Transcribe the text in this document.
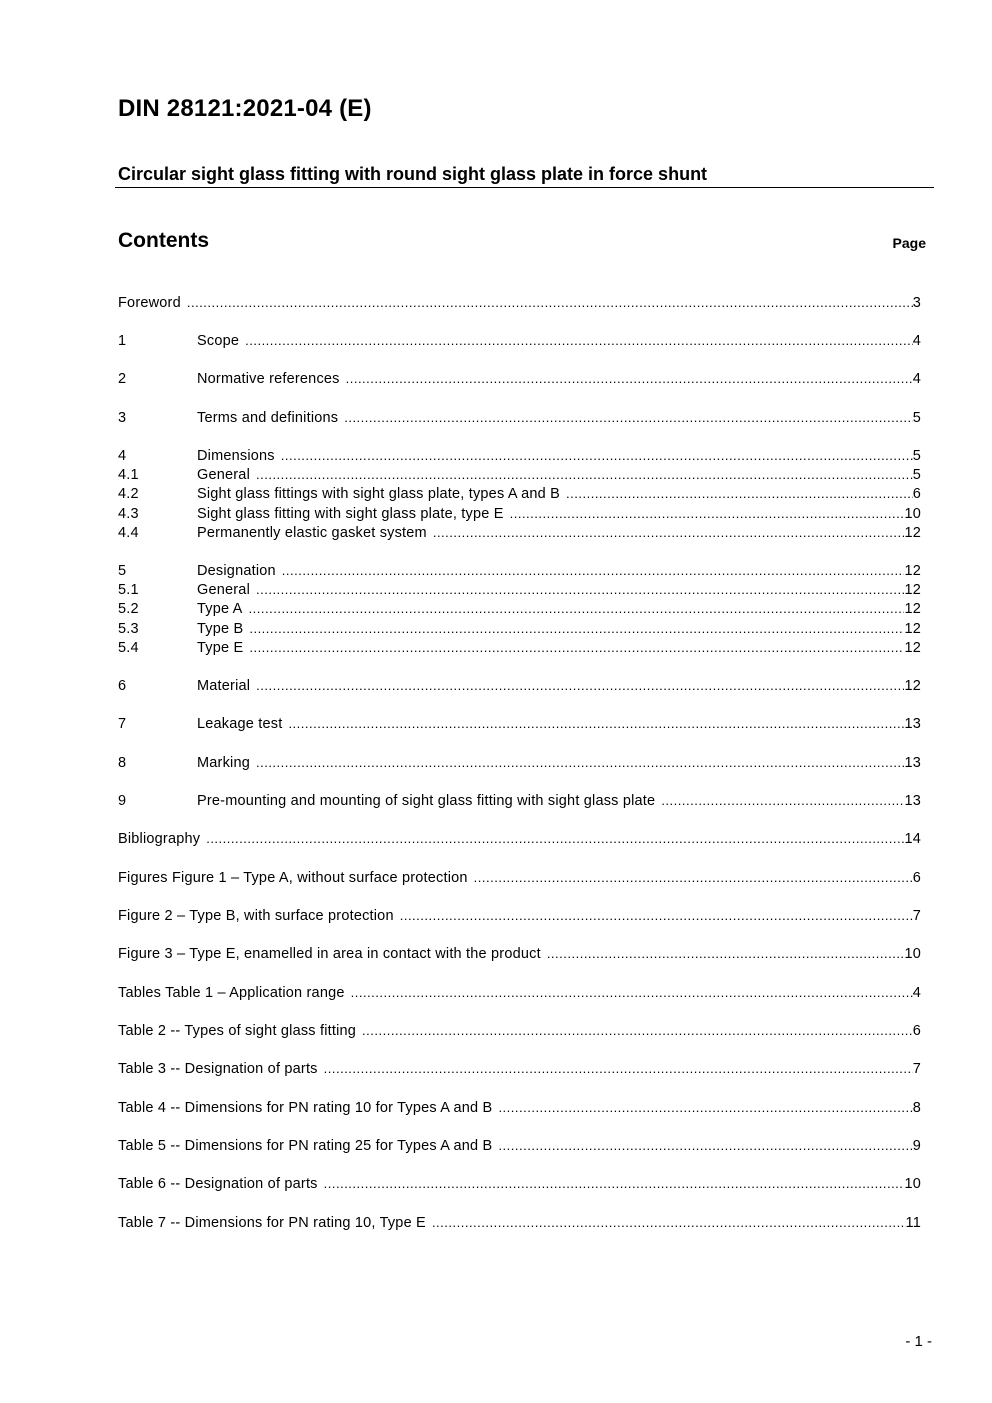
DIN 28121:2021-04 (E)
Circular sight glass fitting with round sight glass plate in force shunt
Contents	Page
Foreword .....	3
1	Scope .....	4
2	Normative references .....	4
3	Terms and definitions .....	5
4	Dimensions .....	5
4.1	General .....	5
4.2	Sight glass fittings with sight glass plate, types A and B .....	6
4.3	Sight glass fitting with sight glass plate, type E .....	10
4.4	Permanently elastic gasket system .....	12
5	Designation .....	12
5.1	General .....	12
5.2	Type A .....	12
5.3	Type B .....	12
5.4	Type E .....	12
6	Material .....	12
7	Leakage test .....	13
8	Marking .....	13
9	Pre-mounting and mounting of sight glass fitting with sight glass plate .....	13
Bibliography .....	14
Figures Figure 1 – Type A, without surface protection .....	6
Figure 2 – Type B, with surface protection .....	7
Figure 3 – Type E, enamelled in area in contact with the product .....	10
Tables Table 1 – Application range .....	4
Table 2 -- Types of sight glass fitting .....	6
Table 3 -- Designation of parts .....	7
Table 4 -- Dimensions for PN rating 10 for Types A and B .....	8
Table 5 -- Dimensions for PN rating 25 for Types A and B .....	9
Table 6 -- Designation of parts .....	10
Table 7 -- Dimensions for PN rating 10, Type E .....	11
- 1 -
